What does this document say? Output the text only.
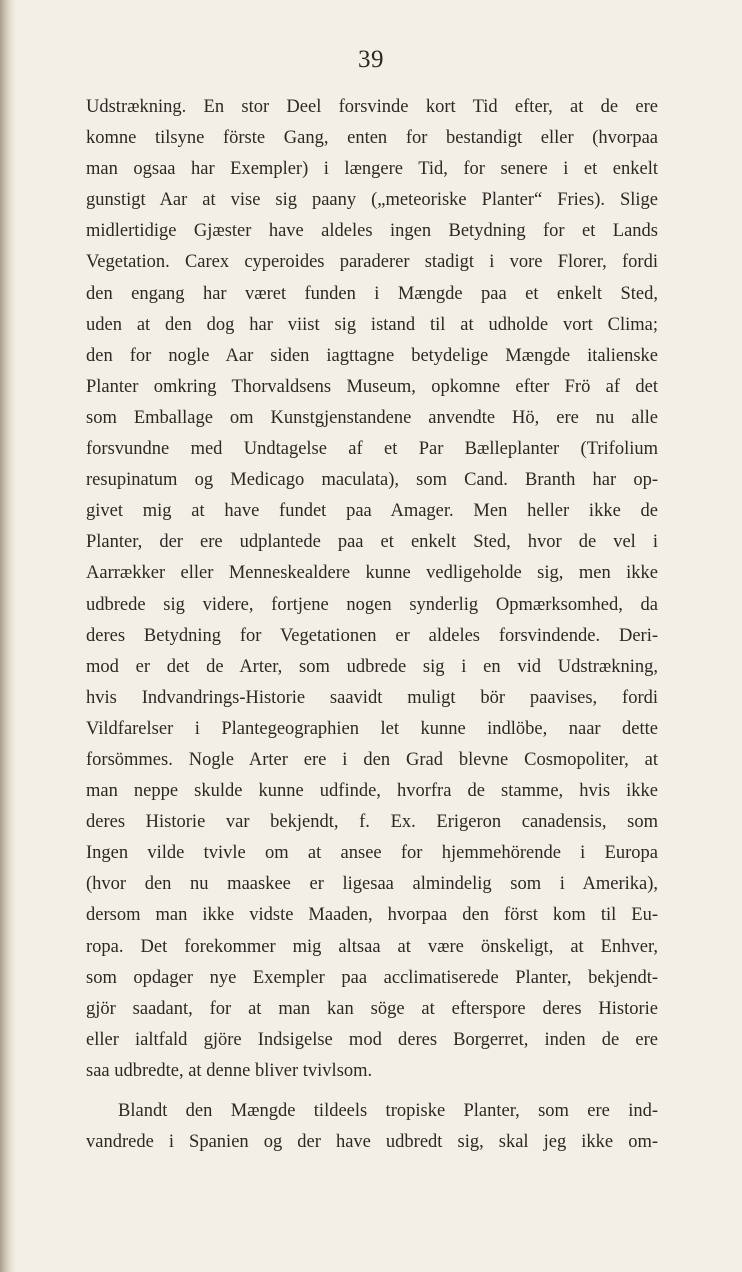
39
Udstrækning. En stor Deel forsvinde kort Tid efter, at de ere
komne tilsyne förste Gang, enten for bestandigt eller (hvorpaa
man ogsaa har Exempler) i længere Tid, for senere i et enkelt
gunstigt Aar at vise sig paany („meteoriske Planter“ Fries). Slige
midlertidige Gjæster have aldeles ingen Betydning for et Lands
Vegetation. Carex cyperoides paraderer stadigt i vore Florer, fordi
den engang har været funden i Mængde paa et enkelt Sted,
uden at den dog har viist sig istand til at udholde vort Clima;
den for nogle Aar siden iagttagne betydelige Mængde italienske
Planter omkring Thorvaldsens Museum, opkomne efter Frö af det
som Emballage om Kunstgjenstandene anvendte Hö, ere nu alle
forsvundne med Undtagelse af et Par Bælleplanter (Trifolium
resupinatum og Medicago maculata), som Cand. Branth har op-
givet mig at have fundet paa Amager. Men heller ikke de
Planter, der ere udplantede paa et enkelt Sted, hvor de vel i
Aarrækker eller Menneskealdere kunne vedligeholde sig, men ikke
udbrede sig videre, fortjene nogen synderlig Opmærksomhed, da
deres Betydning for Vegetationen er aldeles forsvindende. Deri-
mod er det de Arter, som udbrede sig i en vid Udstrækning,
hvis Indvandrings-Historie saavidt muligt bör paavises, fordi
Vildfarelser i Plantegeographien let kunne indlöbe, naar dette
forsömmes. Nogle Arter ere i den Grad blevne Cosmopoliter, at
man neppe skulde kunne udfinde, hvorfra de stamme, hvis ikke
deres Historie var bekjendt, f. Ex. Erigeron canadensis, som
Ingen vilde tvivle om at ansee for hjemmehörende i Europa
(hvor den nu maaskee er ligesaa almindelig som i Amerika),
dersom man ikke vidste Maaden, hvorpaa den först kom til Eu-
ropa. Det forekommer mig altsaa at være önskeligt, at Enhver,
som opdager nye Exempler paa acclimatiserede Planter, bekjendt-
gjör saadant, for at man kan söge at efterspore deres Historie
eller ialtfald gjöre Indsigelse mod deres Borgerret, inden de ere
saa udbredte, at denne bliver tvivlsom.
Blandt den Mængde tildeels tropiske Planter, som ere ind-
vandrede i Spanien og der have udbredt sig, skal jeg ikke om-
